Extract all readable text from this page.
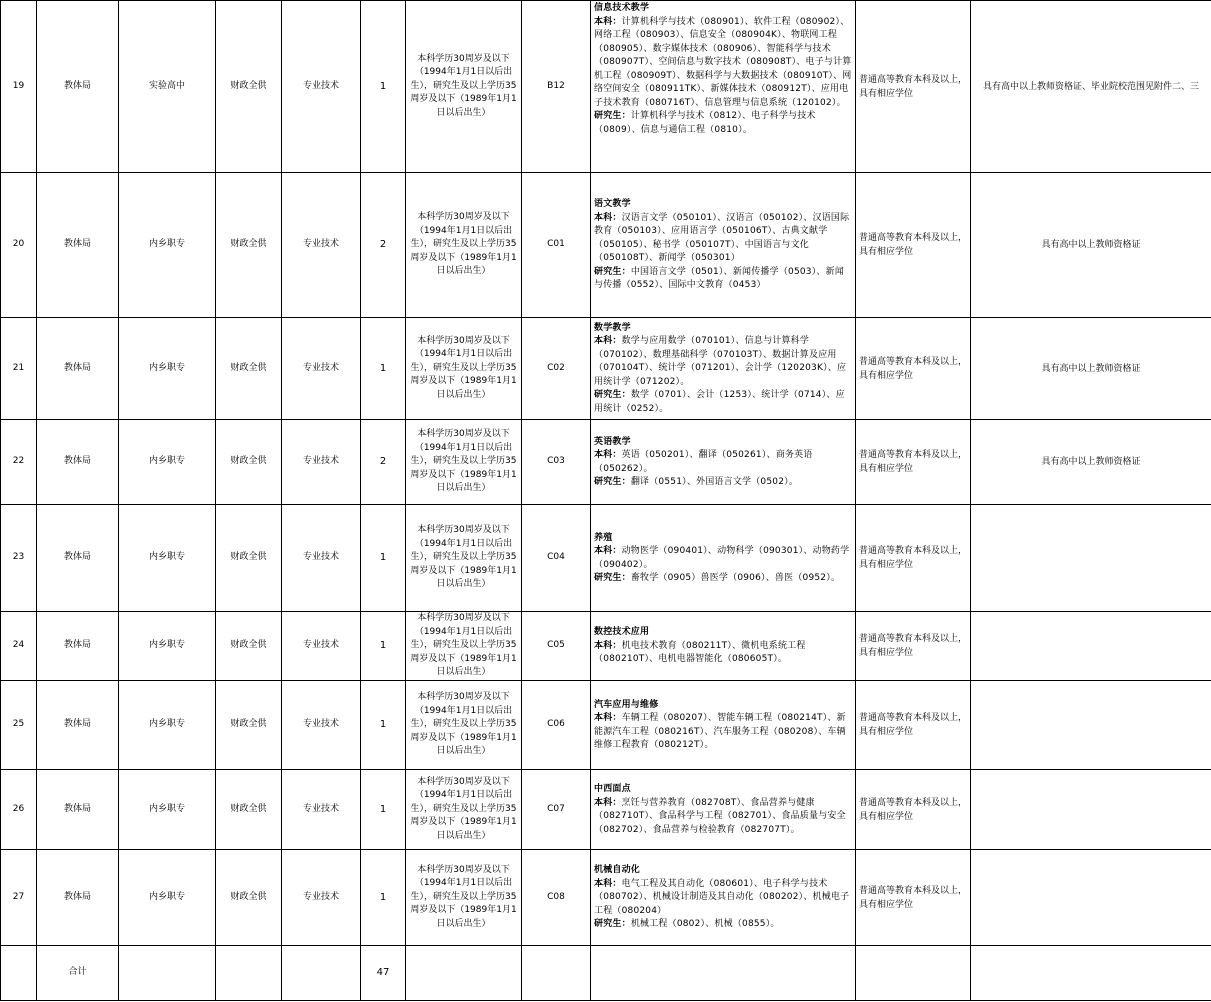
19	教体局	实验高中	财政全供	专业技术	1	本科学历30周岁及以下（1994年1月1日以后出生），研究生及以上学历35周岁及以下（1989年1月1日以后出生）	B12	信息技术教学
本科：计算机科学与技术（080901）、软件工程（080902）、网络工程（080903）、信息安全（080904K）、物联网工程（080905）、数字媒体技术（080906）、智能科学与技术（080907T）、空间信息与数字技术（080908T）、电子与计算机工程（080909T）、数据科学与大数据技术（080910T）、网络空间安全（080911TK）、新媒体技术（080912T）、应用电子技术教育（080716T）、信息管理与信息系统（120102）。
研究生：计算机科学与技术（0812）、电子科学与技术（0809）、信息与通信工程（0810）。	普通高等教育本科及以上，具有相应学位	具有高中以上教师资格证、毕业院校范围见附件二、三
20	教体局	内乡职专	财政全供	专业技术	2	本科学历30周岁及以下（1994年1月1日以后出生），研究生及以上学历35周岁及以下（1989年1月1日以后出生）	C01	语文教学
本科：汉语言文学（050101）、汉语言（050102）、汉语国际教育（050103）、应用语言学（050106T）、古典文献学（050105）、秘书学（050107T）、中国语言与文化（050108T）、新闻学（050301）
研究生：中国语言文学（0501）、新闻传播学（0503）、新闻与传播（0552）、国际中文教育（0453）	普通高等教育本科及以上，具有相应学位	具有高中以上教师资格证
21	教体局	内乡职专	财政全供	专业技术	1	本科学历30周岁及以下（1994年1月1日以后出生），研究生及以上学历35周岁及以下（1989年1月1日以后出生）	C02	数学教学
本科：数学与应用数学（070101）、信息与计算科学（070102）、数理基础科学（070103T）、数据计算及应用（070104T）、统计学（071201）、会计学（120203K）、应用统计学（071202）。
研究生：数学（0701）、会计（1253）、统计学（0714）、应用统计（0252）。	普通高等教育本科及以上，具有相应学位	具有高中以上教师资格证
22	教体局	内乡职专	财政全供	专业技术	2	本科学历30周岁及以下（1994年1月1日以后出生），研究生及以上学历35周岁及以下（1989年1月1日以后出生）	C03	英语教学
本科：英语（050201）、翻译（050261）、商务英语（050262）。
研究生：翻译（0551）、外国语言文学（0502）。	普通高等教育本科及以上，具有相应学位	具有高中以上教师资格证
23	教体局	内乡职专	财政全供	专业技术	1	本科学历30周岁及以下（1994年1月1日以后出生），研究生及以上学历35周岁及以下（1989年1月1日以后出生）	C04	养殖
本科：动物医学（090401）、动物科学（090301）、动物药学（090402）。
研究生：畜牧学（0905）兽医学（0906）、兽医（0952）。	普通高等教育本科及以上，具有相应学位	
24	教体局	内乡职专	财政全供	专业技术	1	本科学历30周岁及以下（1994年1月1日以后出生），研究生及以上学历35周岁及以下（1989年1月1日以后出生）	C05	数控技术应用
本科：机电技术教育（080211T）、微机电系统工程（080210T）、电机电器智能化（080605T）。	普通高等教育本科及以上，具有相应学位	
25	教体局	内乡职专	财政全供	专业技术	1	本科学历30周岁及以下（1994年1月1日以后出生），研究生及以上学历35周岁及以下（1989年1月1日以后出生）	C06	汽车应用与维修
本科：车辆工程（080207）、智能车辆工程（080214T）、新能源汽车工程（080216T）、汽车服务工程（080208）、车辆维修工程教育（080212T）。	普通高等教育本科及以上，具有相应学位	
26	教体局	内乡职专	财政全供	专业技术	1	本科学历30周岁及以下（1994年1月1日以后出生），研究生及以上学历35周岁及以下（1989年1月1日以后出生）	C07	中西面点
本科：烹饪与营养教育（082708T）、食品营养与健康（082710T）、食品科学与工程（082701）、食品质量与安全（082702）、食品营养与检验教育（082707T）。	普通高等教育本科及以上，具有相应学位	
27	教体局	内乡职专	财政全供	专业技术	1	本科学历30周岁及以下（1994年1月1日以后出生），研究生及以上学历35周岁及以下（1989年1月1日以后出生）	C08	机械自动化
本科：电气工程及其自动化（080601）、电子科学与技术（080702）、机械设计制造及其自动化（080202）、机械电子工程（080204）
研究生：机械工程（0802）、机械（0855）。	普通高等教育本科及以上，具有相应学位	
	合计				47					
